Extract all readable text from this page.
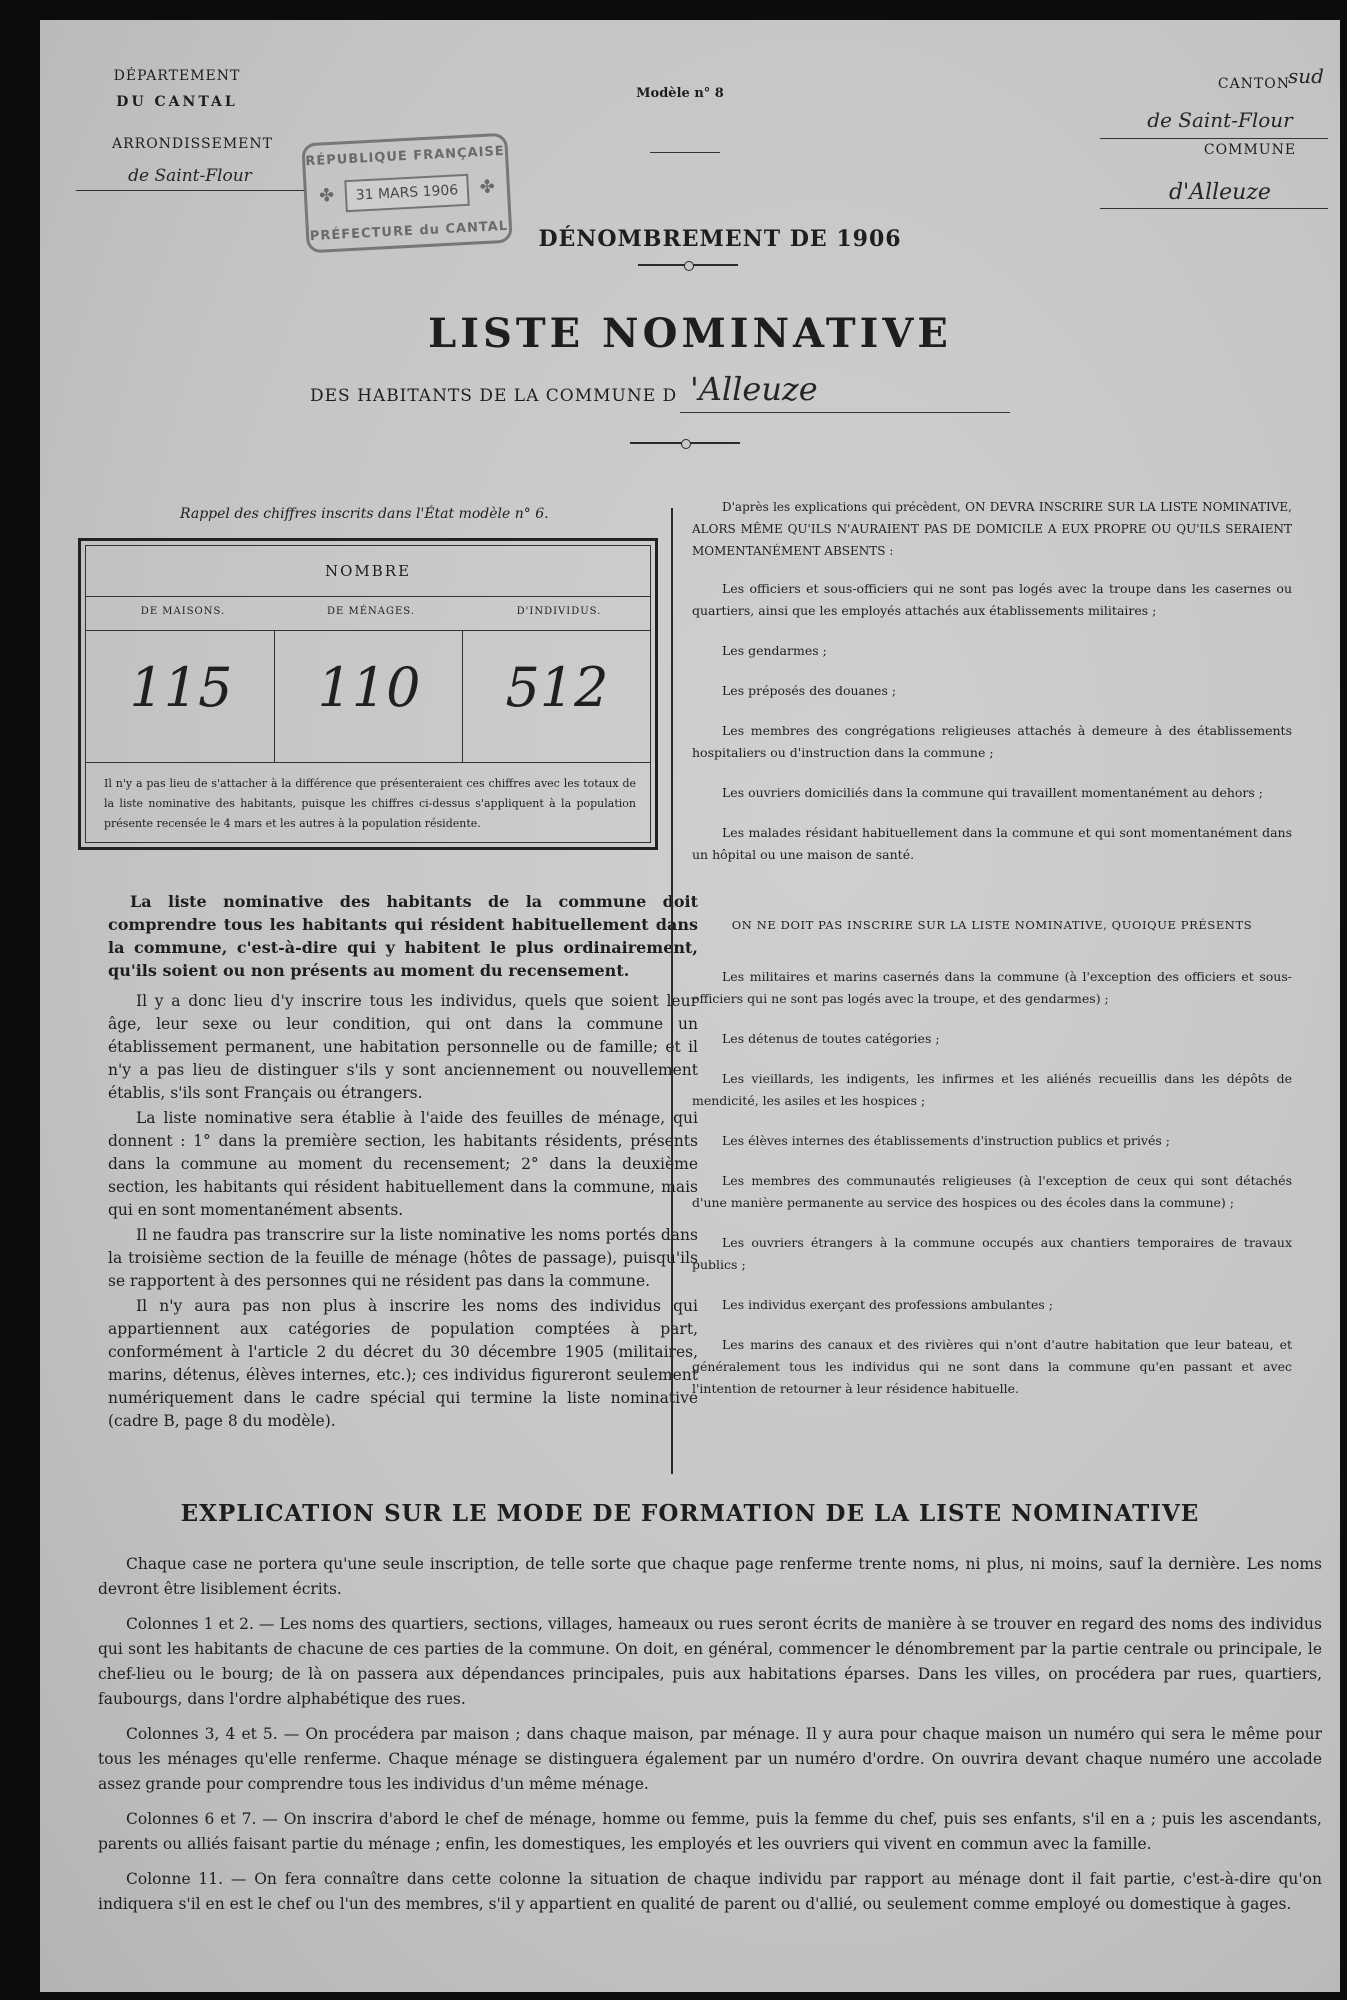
DÉPARTEMENT
DU CANTAL
ARRONDISSEMENT
de Saint-Flour
Modèle n° 8
CANTON
sud
de Saint-Flour
COMMUNE
d'Alleuze
RÉPUBLIQUE FRANÇAISE
✤	31 MARS 1906	✤
PRÉFECTURE du CANTAL	DÉNOMBREMENT DE 1906
LISTE NOMINATIVE
DES HABITANTS DE LA COMMUNE D 'Alleuze
Rappel des chiffres inscrits dans l'État modèle n° 6.
NOMBRE
DE MAISONS.	DE MÉNAGES.	D'INDIVIDUS.
115	110	512
Il n'y a pas lieu de s'attacher à la différence que présenteraient ces chiffres avec les totaux de la liste nominative des habitants, puisque les chiffres ci-dessus s'appliquent à la population présente recensée le 4 mars et les autres à la population résidente.

La liste nominative des habitants de la commune doit comprendre tous les habitants qui résident habituellement dans la commune, c'est-à-dire qui y habitent le plus ordinairement, qu'ils soient ou non présents au moment du recensement.

Il y a donc lieu d'y inscrire tous les individus, quels que soient leur âge, leur sexe ou leur condition, qui ont dans la commune un établissement permanent, une habitation personnelle ou de famille; et il n'y a pas lieu de distinguer s'ils y sont anciennement ou nouvellement établis, s'ils sont Français ou étrangers.

La liste nominative sera établie à l'aide des feuilles de ménage, qui donnent : 1° dans la première section, les habitants résidents, présents dans la commune au moment du recensement; 2° dans la deuxième section, les habitants qui résident habituellement dans la commune, mais qui en sont momentanément absents.

Il ne faudra pas transcrire sur la liste nominative les noms portés dans la troisième section de la feuille de ménage (hôtes de passage), puisqu'ils se rapportent à des personnes qui ne résident pas dans la commune.

Il n'y aura pas non plus à inscrire les noms des individus qui appartiennent aux catégories de population comptées à part, conformément à l'article 2 du décret du 30 décembre 1905 (militaires, marins, détenus, élèves internes, etc.); ces individus figureront seulement numériquement dans le cadre spécial qui termine la liste nominative (cadre B, page 8 du modèle).

D'après les explications qui précèdent, ON DEVRA INSCRIRE SUR LA LISTE NOMINATIVE, ALORS MÊME QU'ILS N'AURAIENT PAS DE DOMICILE A EUX PROPRE OU QU'ILS SERAIENT MOMENTANÉMENT ABSENTS :

Les officiers et sous-officiers qui ne sont pas logés avec la troupe dans les casernes ou quartiers, ainsi que les employés attachés aux établissements militaires ;

Les gendarmes ;

Les préposés des douanes ;

Les membres des congrégations religieuses attachés à demeure à des établissements hospitaliers ou d'instruction dans la commune ;

Les ouvriers domiciliés dans la commune qui travaillent momentanément au dehors ;

Les malades résidant habituellement dans la commune et qui sont momentanément dans un hôpital ou une maison de santé.

ON NE DOIT PAS INSCRIRE SUR LA LISTE NOMINATIVE, QUOIQUE PRÉSENTS

Les militaires et marins casernés dans la commune (à l'exception des officiers et sous-officiers qui ne sont pas logés avec la troupe, et des gendarmes) ;

Les détenus de toutes catégories ;

Les vieillards, les indigents, les infirmes et les aliénés recueillis dans les dépôts de mendicité, les asiles et les hospices ;

Les élèves internes des établissements d'instruction publics et privés ;

Les membres des communautés religieuses (à l'exception de ceux qui sont détachés d'une manière permanente au service des hospices ou des écoles dans la commune) ;

Les ouvriers étrangers à la commune occupés aux chantiers temporaires de travaux publics ;

Les individus exerçant des professions ambulantes ;

Les marins des canaux et des rivières qui n'ont d'autre habitation que leur bateau, et généralement tous les individus qui ne sont dans la commune qu'en passant et avec l'intention de retourner à leur résidence habituelle.

EXPLICATION SUR LE MODE DE FORMATION DE LA LISTE NOMINATIVE

Chaque case ne portera qu'une seule inscription, de telle sorte que chaque page renferme trente noms, ni plus, ni moins, sauf la dernière. Les noms devront être lisiblement écrits.

Colonnes 1 et 2. — Les noms des quartiers, sections, villages, hameaux ou rues seront écrits de manière à se trouver en regard des noms des individus qui sont les habitants de chacune de ces parties de la commune. On doit, en général, commencer le dénombrement par la partie centrale ou principale, le chef-lieu ou le bourg; de là on passera aux dépendances principales, puis aux habitations éparses. Dans les villes, on procédera par rues, quartiers, faubourgs, dans l'ordre alphabétique des rues.

Colonnes 3, 4 et 5. — On procédera par maison ; dans chaque maison, par ménage. Il y aura pour chaque maison un numéro qui sera le même pour tous les ménages qu'elle renferme. Chaque ménage se distinguera également par un numéro d'ordre. On ouvrira devant chaque numéro une accolade assez grande pour comprendre tous les individus d'un même ménage.

Colonnes 6 et 7. — On inscrira d'abord le chef de ménage, homme ou femme, puis la femme du chef, puis ses enfants, s'il en a ; puis les ascendants, parents ou alliés faisant partie du ménage ; enfin, les domestiques, les employés et les ouvriers qui vivent en commun avec la famille.

Colonne 11. — On fera connaître dans cette colonne la situation de chaque individu par rapport au ménage dont il fait partie, c'est-à-dire qu'on indiquera s'il en est le chef ou l'un des membres, s'il y appartient en qualité de parent ou d'allié, ou seulement comme employé ou domestique à gages.
